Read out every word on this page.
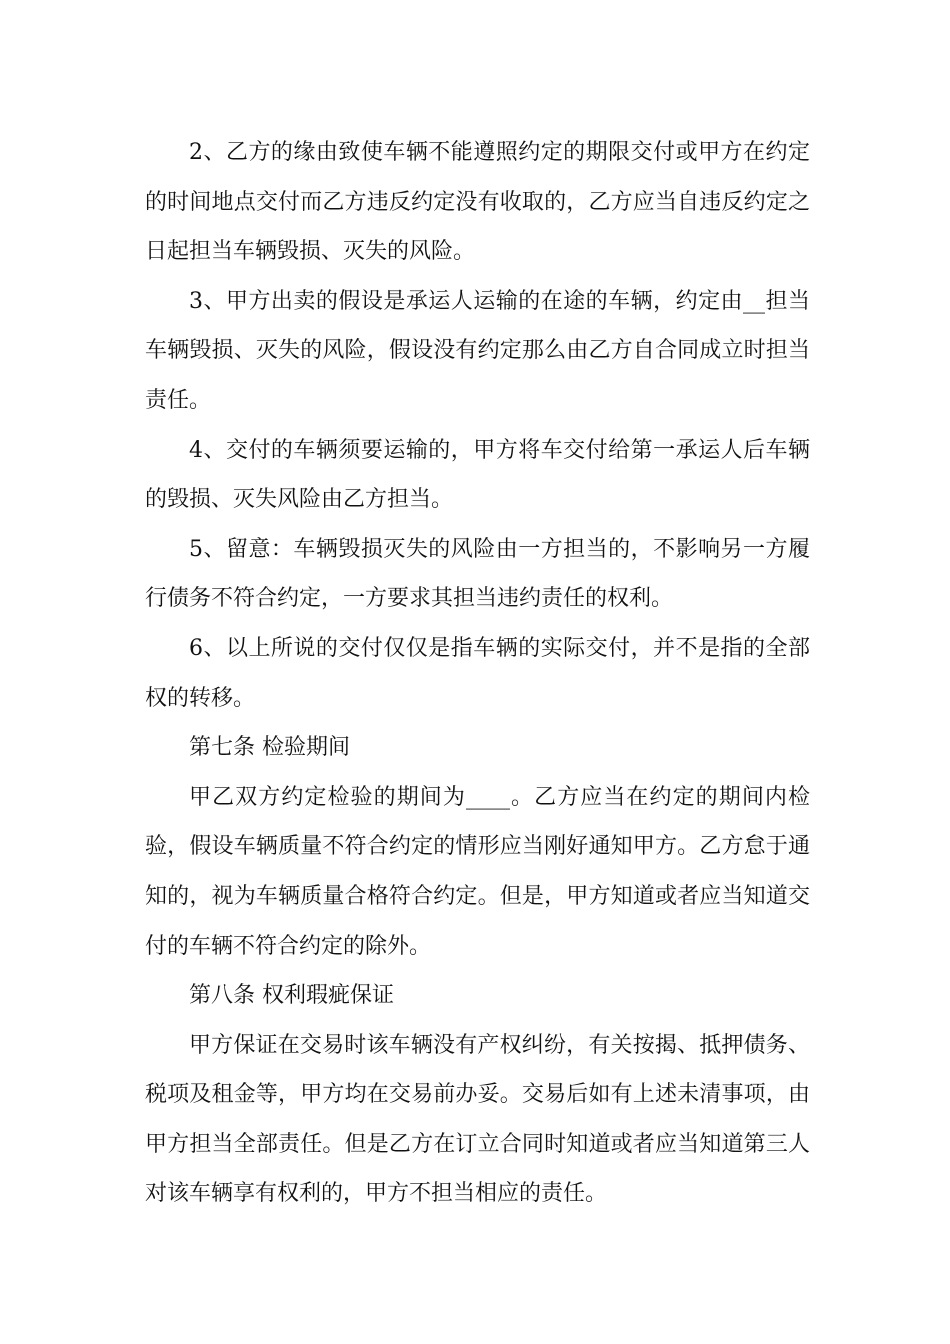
2、乙方的缘由致使车辆不能遵照约定的期限交付或甲方在约定的时间地点交付而乙方违反约定没有收取的，乙方应当自违反约定之日起担当车辆毁损、灭失的风险。

3、甲方出卖的假设是承运人运输的在途的车辆，约定由__担当车辆毁损、灭失的风险，假设没有约定那么由乙方自合同成立时担当责任。

4、交付的车辆须要运输的，甲方将车交付给第一承运人后车辆的毁损、灭失风险由乙方担当。

5、留意：车辆毁损灭失的风险由一方担当的，不影响另一方履行债务不符合约定，一方要求其担当违约责任的权利。

6、以上所说的交付仅仅是指车辆的实际交付，并不是指的全部权的转移。

第七条 检验期间

甲乙双方约定检验的期间为____。乙方应当在约定的期间内检验，假设车辆质量不符合约定的情形应当刚好通知甲方。乙方怠于通知的，视为车辆质量合格符合约定。但是，甲方知道或者应当知道交付的车辆不符合约定的除外。

第八条 权利瑕疵保证

甲方保证在交易时该车辆没有产权纠纷，有关按揭、抵押债务、税项及租金等，甲方均在交易前办妥。交易后如有上述未清事项，由甲方担当全部责任。但是乙方在订立合同时知道或者应当知道第三人对该车辆享有权利的，甲方不担当相应的责任。
